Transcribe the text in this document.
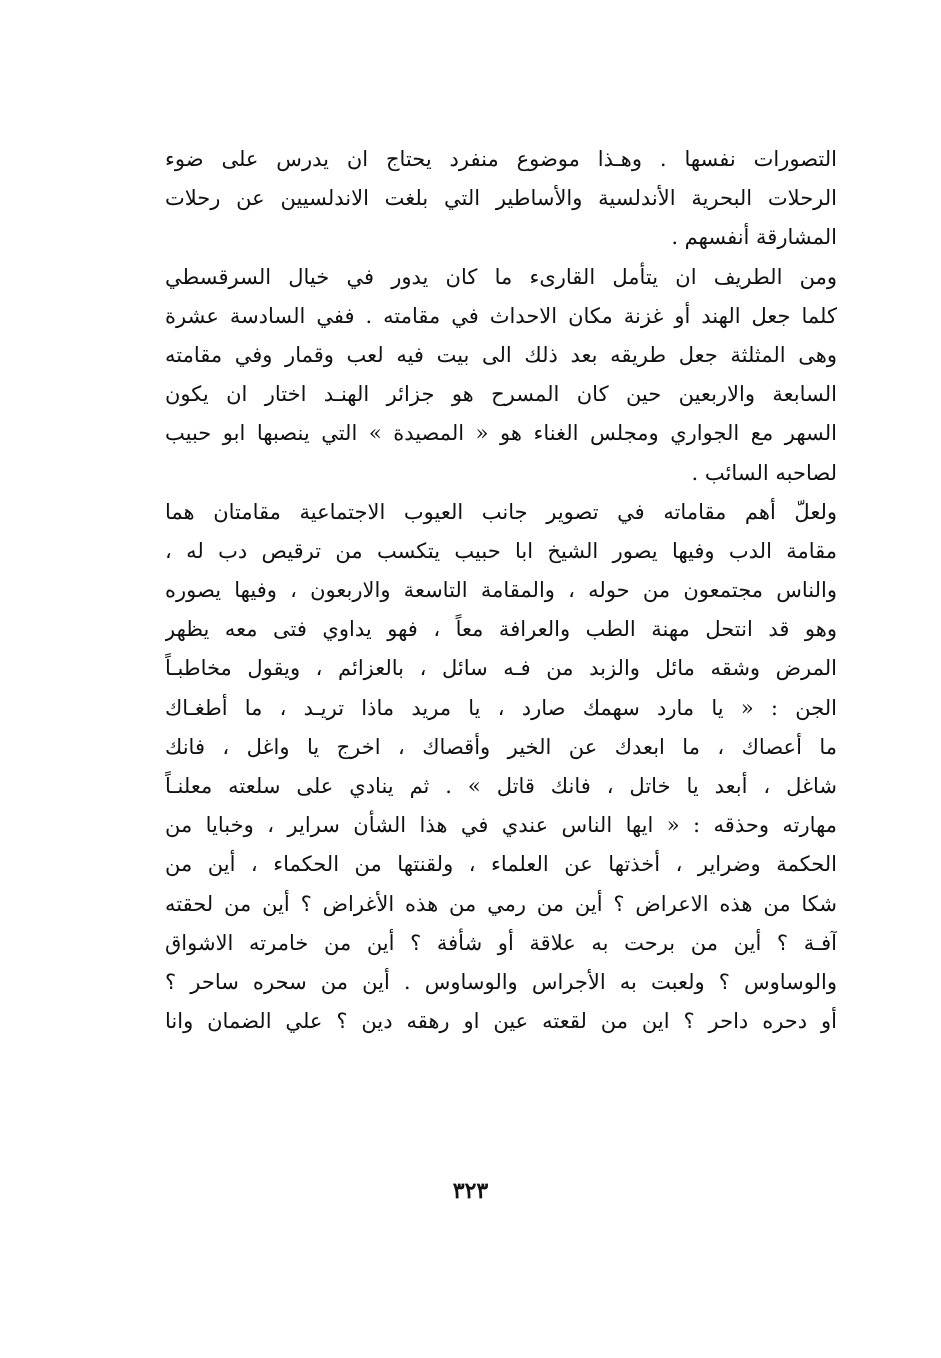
التصورات نفسها . وهـذا موضوع منفرد يحتاج ان يدرس على ضوء
الرحلات البحرية الأندلسية والأساطير التي بلغت الاندلسيين عن رحلات
المشارقة أنفسهم .
ومن الطريف ان يتأمل القارىء ما كان يدور في خيال السرقسطي
كلما جعل الهند أو غزنة مكان الاحداث في مقامته . ففي السادسة عشرة
وهى المثلثة جعل طريقه بعد ذلك الى بيت فيه لعب وقمار وفي مقامته
السابعة والاربعين حين كان المسرح هو جزائر الهنـد اختار ان يكون
السهر مع الجواري ومجلس الغناء هو « المصيدة » التي ينصبها ابو حبيب
لصاحبه السائب .
ولعلّ أهم مقاماته في تصوير جانب العيوب الاجتماعية مقامتان هما
مقامة الدب وفيها يصور الشيخ ابا حبيب يتكسب من ترقيص دب له ،
والناس مجتمعون من حوله ، والمقامة التاسعة والاربعون ، وفيها يصوره
وهو قد انتحل مهنة الطب والعرافة معاً ، فهو يداوي فتى معه يظهر
المرض وشقه مائل والزبد من فـه سائل ، بالعزائم ، ويقول مخاطبـاً
الجن : « يا مارد سهمك صارد ، يا مريد ماذا تريـد ، ما أطغـاك
ما أعصاك ، ما ابعدك عن الخير وأقصاك ، اخرج يا واغل ، فانك
شاغل ، أبعد يا خاتل ، فانك قاتل » . ثم ينادي على سلعته معلنـاً
مهارته وحذقه : « ايها الناس عندي في هذا الشأن سراير ، وخبايا من
الحكمة وضراير ، أخذتها عن العلماء ، ولقنتها من الحكماء ، أين من
شكا من هذه الاعراض ؟ أين من رمي من هذه الأغراض ؟ أين من لحقته
آفـة ؟ أين من برحت به علاقة أو شأفة ؟ أين من خامرته الاشواق
والوساوس ؟ ولعبت به الأجراس والوساوس . أين من سحره ساحر ؟
أو دحره داحر ؟ اين من لقعته عين او رهقه دين ؟ علي الضمان وانا
٣٢٣
